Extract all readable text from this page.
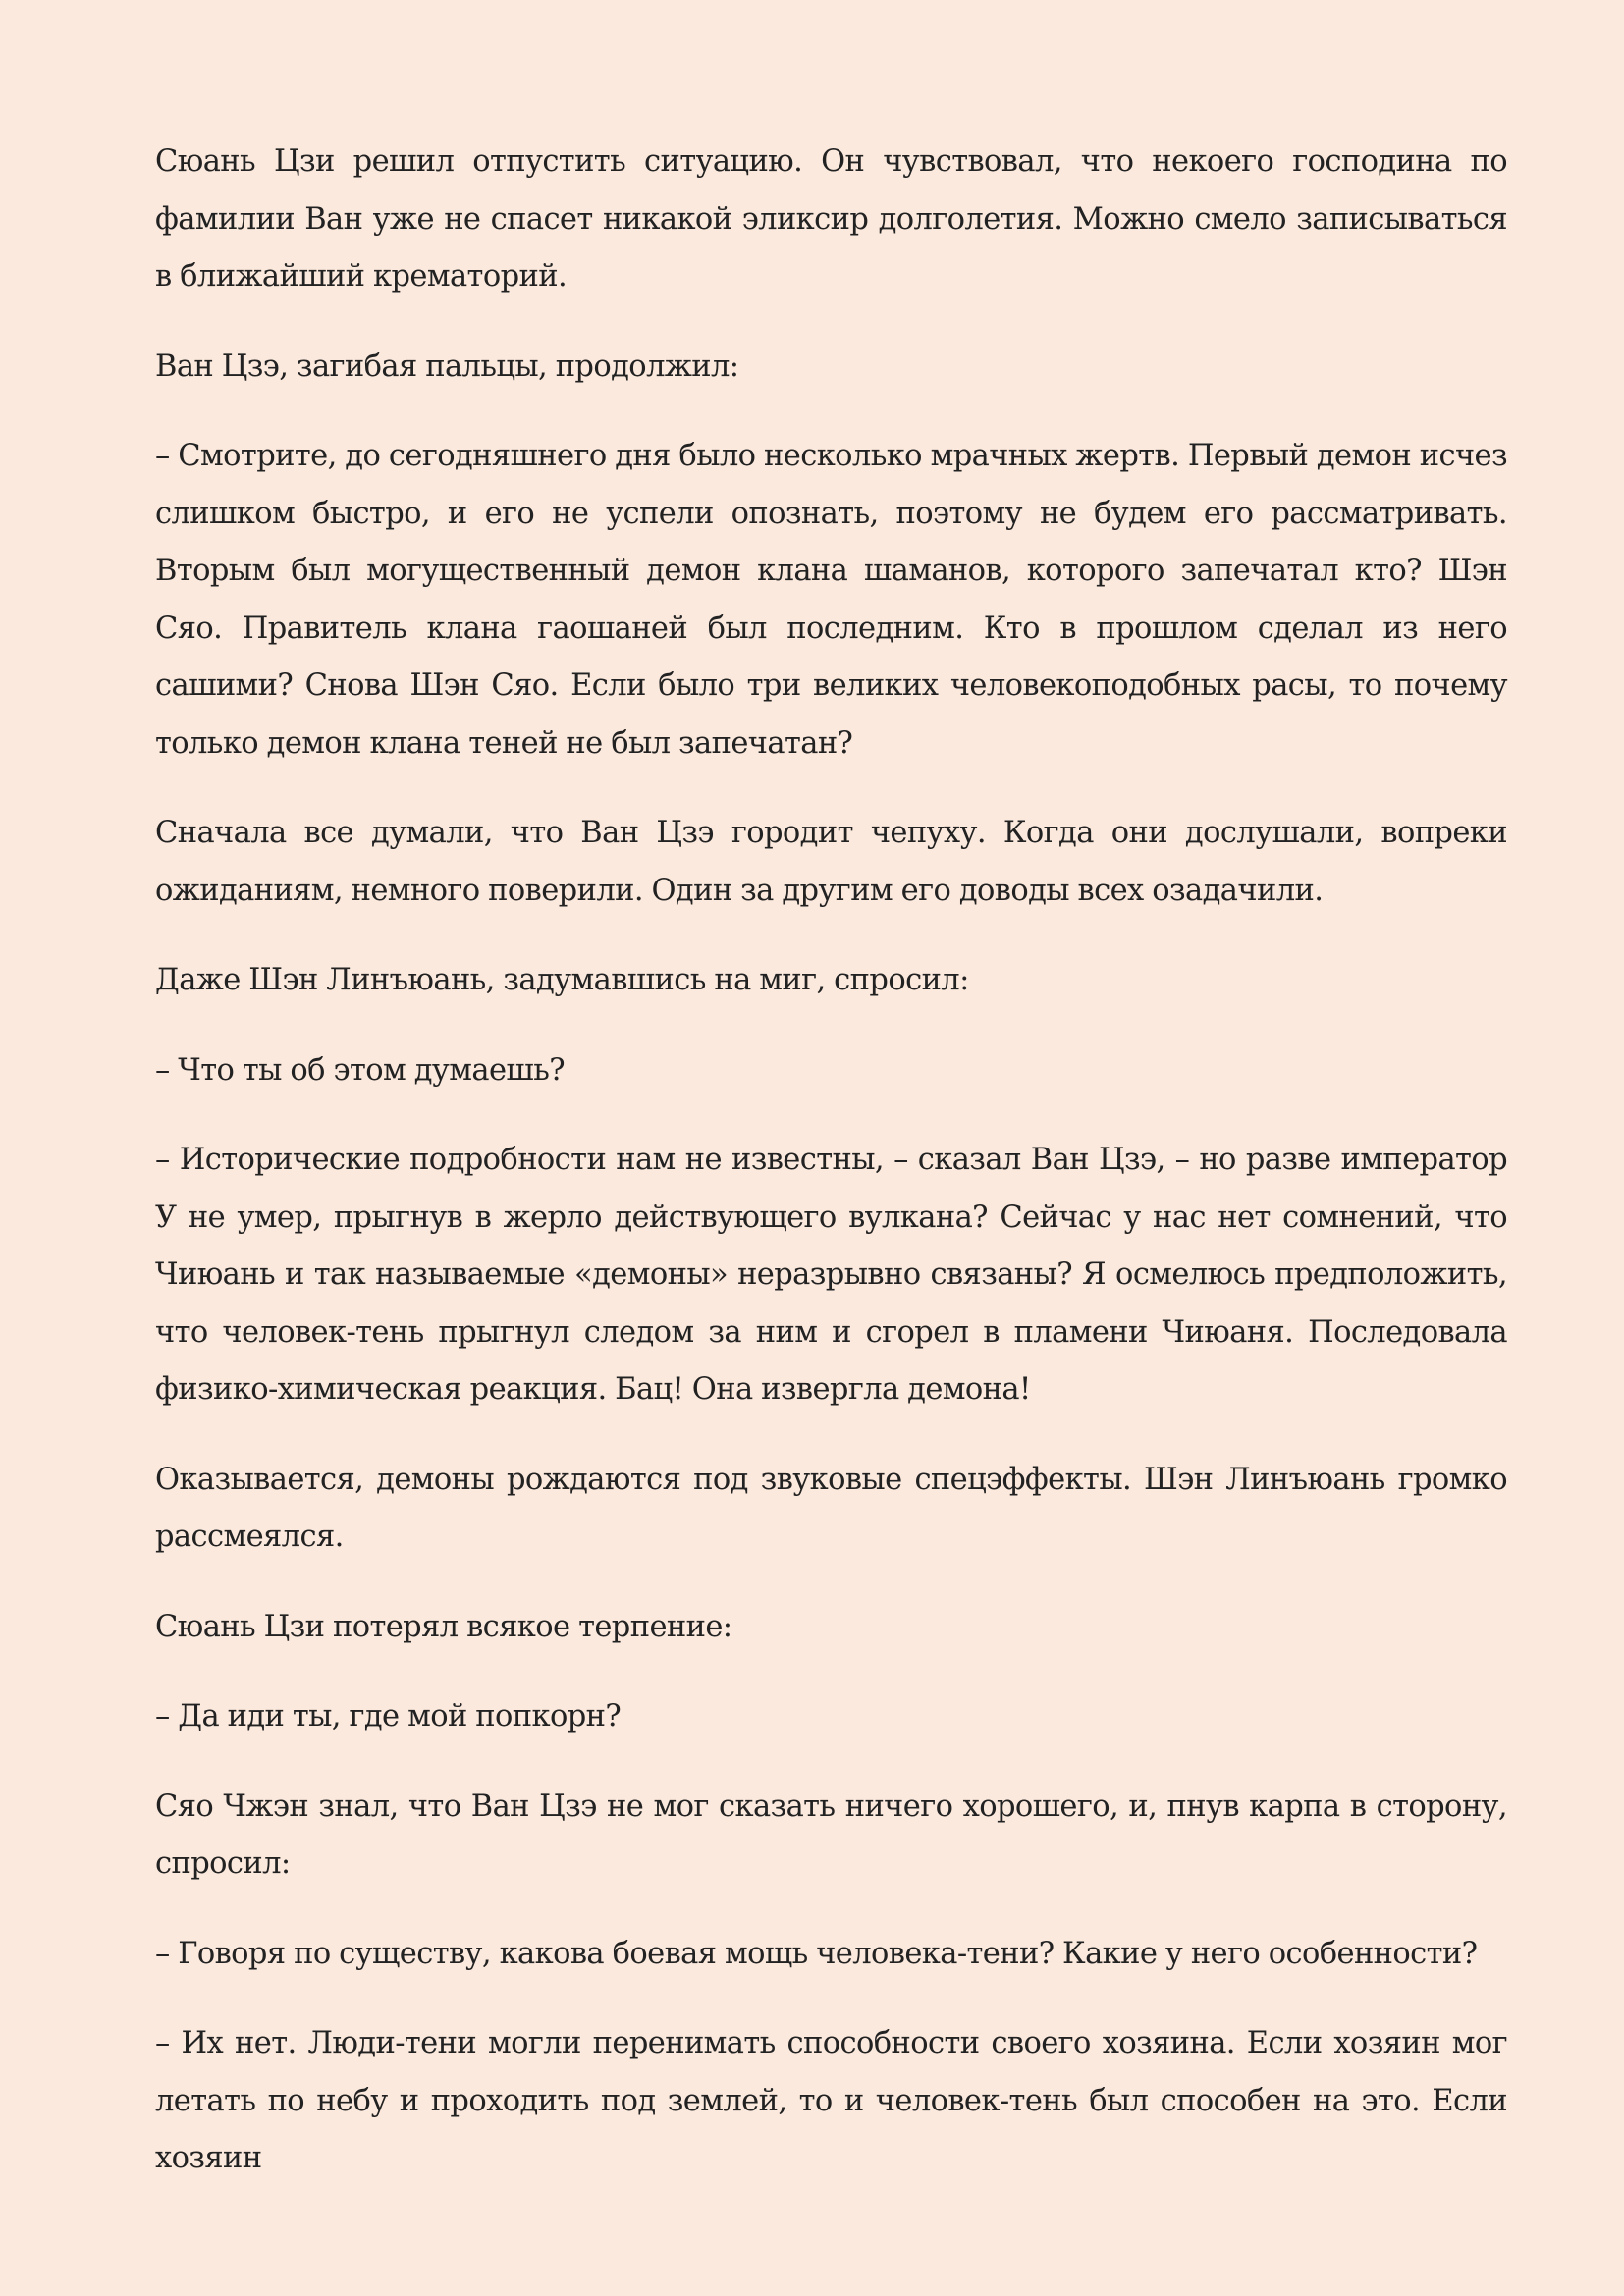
Сюань Цзи решил отпустить ситуацию. Он чувствовал, что некоего господина по фамилии Ван уже не спасет никакой эликсир долголетия. Можно смело записываться в ближайший крематорий.

Ван Цзэ, загибая пальцы, продолжил:

– Смотрите, до сегодняшнего дня было несколько мрачных жертв. Первый демон исчез слишком быстро, и его не успели опознать, поэтому не будем его рассматривать. Вторым был могущественный демон клана шаманов, которого запечатал кто? Шэн Сяо. Правитель клана гаошаней был последним. Кто в прошлом сделал из него сашими? Снова Шэн Сяо. Если было три великих человекоподобных расы, то почему только демон клана теней не был запечатан?

Сначала все думали, что Ван Цзэ городит чепуху. Когда они дослушали, вопреки ожиданиям, немного поверили. Один за другим его доводы всех озадачили.

Даже Шэн Линъюань, задумавшись на миг, спросил:

– Что ты об этом думаешь?

– Исторические подробности нам не известны, – сказал Ван Цзэ, – но разве император У не умер, прыгнув в жерло действующего вулкана? Сейчас у нас нет сомнений, что Чиюань и так называемые «демоны» неразрывно связаны? Я осмелюсь предположить, что человек-тень прыгнул следом за ним и сгорел в пламени Чиюаня. Последовала физико-химическая реакция. Бац! Она извергла демона!

Оказывается, демоны рождаются под звуковые спецэффекты. Шэн Линъюань громко рассмеялся.

Сюань Цзи потерял всякое терпение:

– Да иди ты, где мой попкорн?

Сяо Чжэн знал, что Ван Цзэ не мог сказать ничего хорошего, и, пнув карпа в сторону, спросил:

– Говоря по существу, какова боевая мощь человека-тени? Какие у него особенности?

– Их нет. Люди-тени могли перенимать способности своего хозяина. Если хозяин мог летать по небу и проходить под землей, то и человек-тень был способен на это. Если хозяин
